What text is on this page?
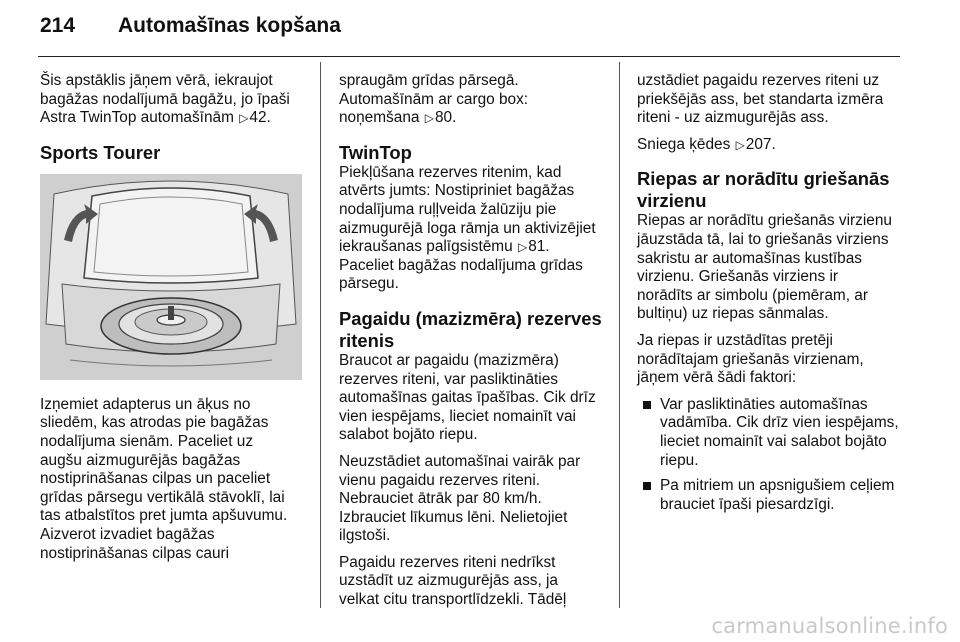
214	Automašīnas kopšana

Šis apstāklis jāņem vērā, iekraujot
bagāžas nodalījumā bagāžu, jo īpaši
Astra TwinTop automašīnām ▷42.

Sports Tourer

Izņemiet adapterus un āķus no
sliedēm, kas atrodas pie bagāžas
nodalījuma sienām. Paceliet uz
augšu aizmugurējās bagāžas
nostiprināšanas cilpas un paceliet
grīdas pārsegu vertikālā stāvoklī, lai
tas atbalstītos pret jumta apšuvumu.
Aizverot izvadiet bagāžas
nostiprināšanas cilpas cauri

spraugām grīdas pārsegā.
Automašīnām ar cargo box:
noņemšana ▷80.

TwinTop

Piekļūšana rezerves ritenim, kad
atvērts jumts: Nostipriniet bagāžas
nodalījuma ruļļveida žalūziju pie
aizmugurējā loga rāmja un aktivizējiet
iekraušanas palīgsistēmu ▷81.
Paceliet bagāžas nodalījuma grīdas
pārsegu.

Pagaidu (mazizmēra) rezerves
ritenis

Braucot ar pagaidu (mazizmēra)
rezerves riteni, var pasliktināties
automašīnas gaitas īpašības. Cik drīz
vien iespējams, lieciet nomainīt vai
salabot bojāto riepu.

Neuzstādiet automašīnai vairāk par
vienu pagaidu rezerves riteni.
Nebrauciet ātrāk par 80 km/h.
Izbrauciet līkumus lēni. Nelietojiet
ilgstoši.

Pagaidu rezerves riteni nedrīkst
uzstādīt uz aizmugurējās ass, ja
velkat citu transportlīdzekli. Tādēļ

uzstādiet pagaidu rezerves riteni uz
priekšējās ass, bet standarta izmēra
riteni - uz aizmugurējās ass.

Sniega ķēdes ▷207.

Riepas ar norādītu griešanās
virzienu

Riepas ar norādītu griešanās virzienu
jāuzstāda tā, lai to griešanās virziens
sakristu ar automašīnas kustības
virzienu. Griešanās virziens ir
norādīts ar simbolu (piemēram, ar
bultiņu) uz riepas sānmalas.

Ja riepas ir uzstādītas pretēji
norādītajam griešanās virzienam,
jāņem vērā šādi faktori:

Var pasliktināties automašīnas
vadāmība. Cik drīz vien iespējams,
lieciet nomainīt vai salabot bojāto
riepu.
Pa mitriem un apsnigušiem ceļiem
brauciet īpaši piesardzīgi.
carmanualsonline.info
